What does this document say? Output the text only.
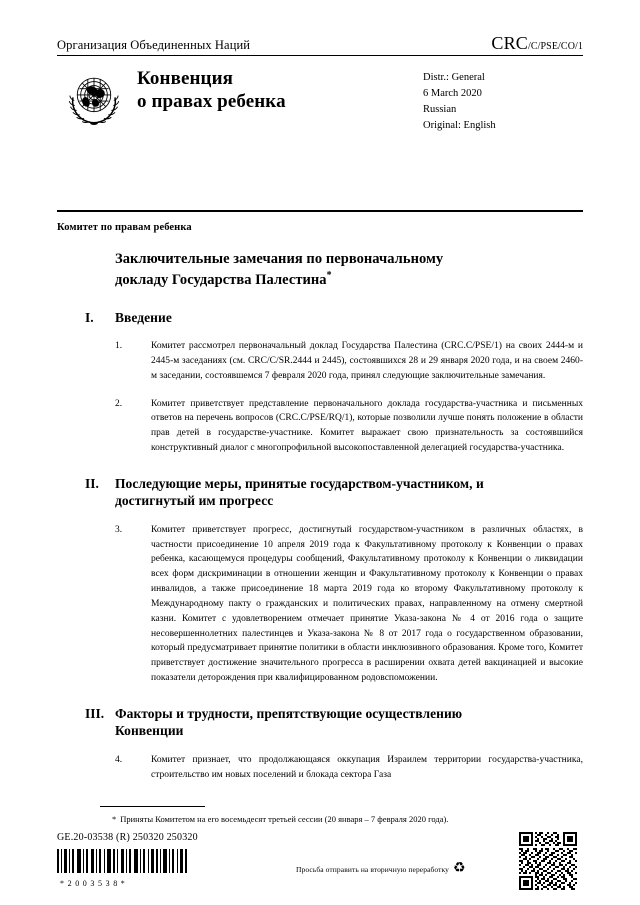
Организация Объединенных Наций	CRC/C/PSE/CO/1
Конвенция
о правах ребенка
Distr.: General
6 March 2020
Russian
Original: English
Комитет по правам ребенка
Заключительные замечания по первоначальному
докладу Государства Палестина*
I.	Введение
1.	Комитет рассмотрел первоначальный доклад Государства Палестина (CRC.C/PSE/1) на своих 2444-м и 2445-м заседаниях (см. CRC/C/SR.2444 и 2445), состоявшихся 28 и 29 января 2020 года, и на своем 2460-м заседании, состоявшемся 7 февраля 2020 года, принял следующие заключительные замечания.
2.	Комитет приветствует представление первоначального доклада государства-участника и письменных ответов на перечень вопросов (CRC.C/PSE/RQ/1), которые позволили лучше понять положение в области прав детей в государстве-участнике. Комитет выражает свою признательность за состоявшийся конструктивный диалог с многопрофильной высокопоставленной делегацией государства-участника.
II.	Последующие меры, принятые государством-участником, и достигнутый им прогресс
3.	Комитет приветствует прогресс, достигнутый государством-участником в различных областях, в частности присоединение 10 апреля 2019 года к Факультативному протоколу к Конвенции о правах ребенка, касающемуся процедуры сообщений, Факультативному протоколу к Конвенции о ликвидации всех форм дискриминации в отношении женщин и Факультативному протоколу к Конвенции о правах инвалидов, а также присоединение 18 марта 2019 года ко второму Факультативному протоколу к Международному пакту о гражданских и политических правах, направленному на отмену смертной казни. Комитет с удовлетворением отмечает принятие Указа-закона № 4 от 2016 года о защите несовершеннолетних палестинцев и Указа-закона № 8 от 2017 года о государственном образовании, который предусматривает принятие политики в области инклюзивного образования. Кроме того, Комитет приветствует достижение значительного прогресса в расширении охвата детей вакцинацией и высокие показатели деторождения при квалифицированном родовспоможении.
III. Факторы и трудности, препятствующие осуществлению Конвенции
4.	Комитет признает, что продолжающаяся оккупация Израилем территории государства-участника, строительство им новых поселений и блокада сектора Газа
* Приняты Комитетом на его восемьдесят третьей сессии (20 января – 7 февраля 2020 года).
GE.20-03538 (R) 250320 250320
*2003538*
Просьба отправить на вторичную переработку ♻
